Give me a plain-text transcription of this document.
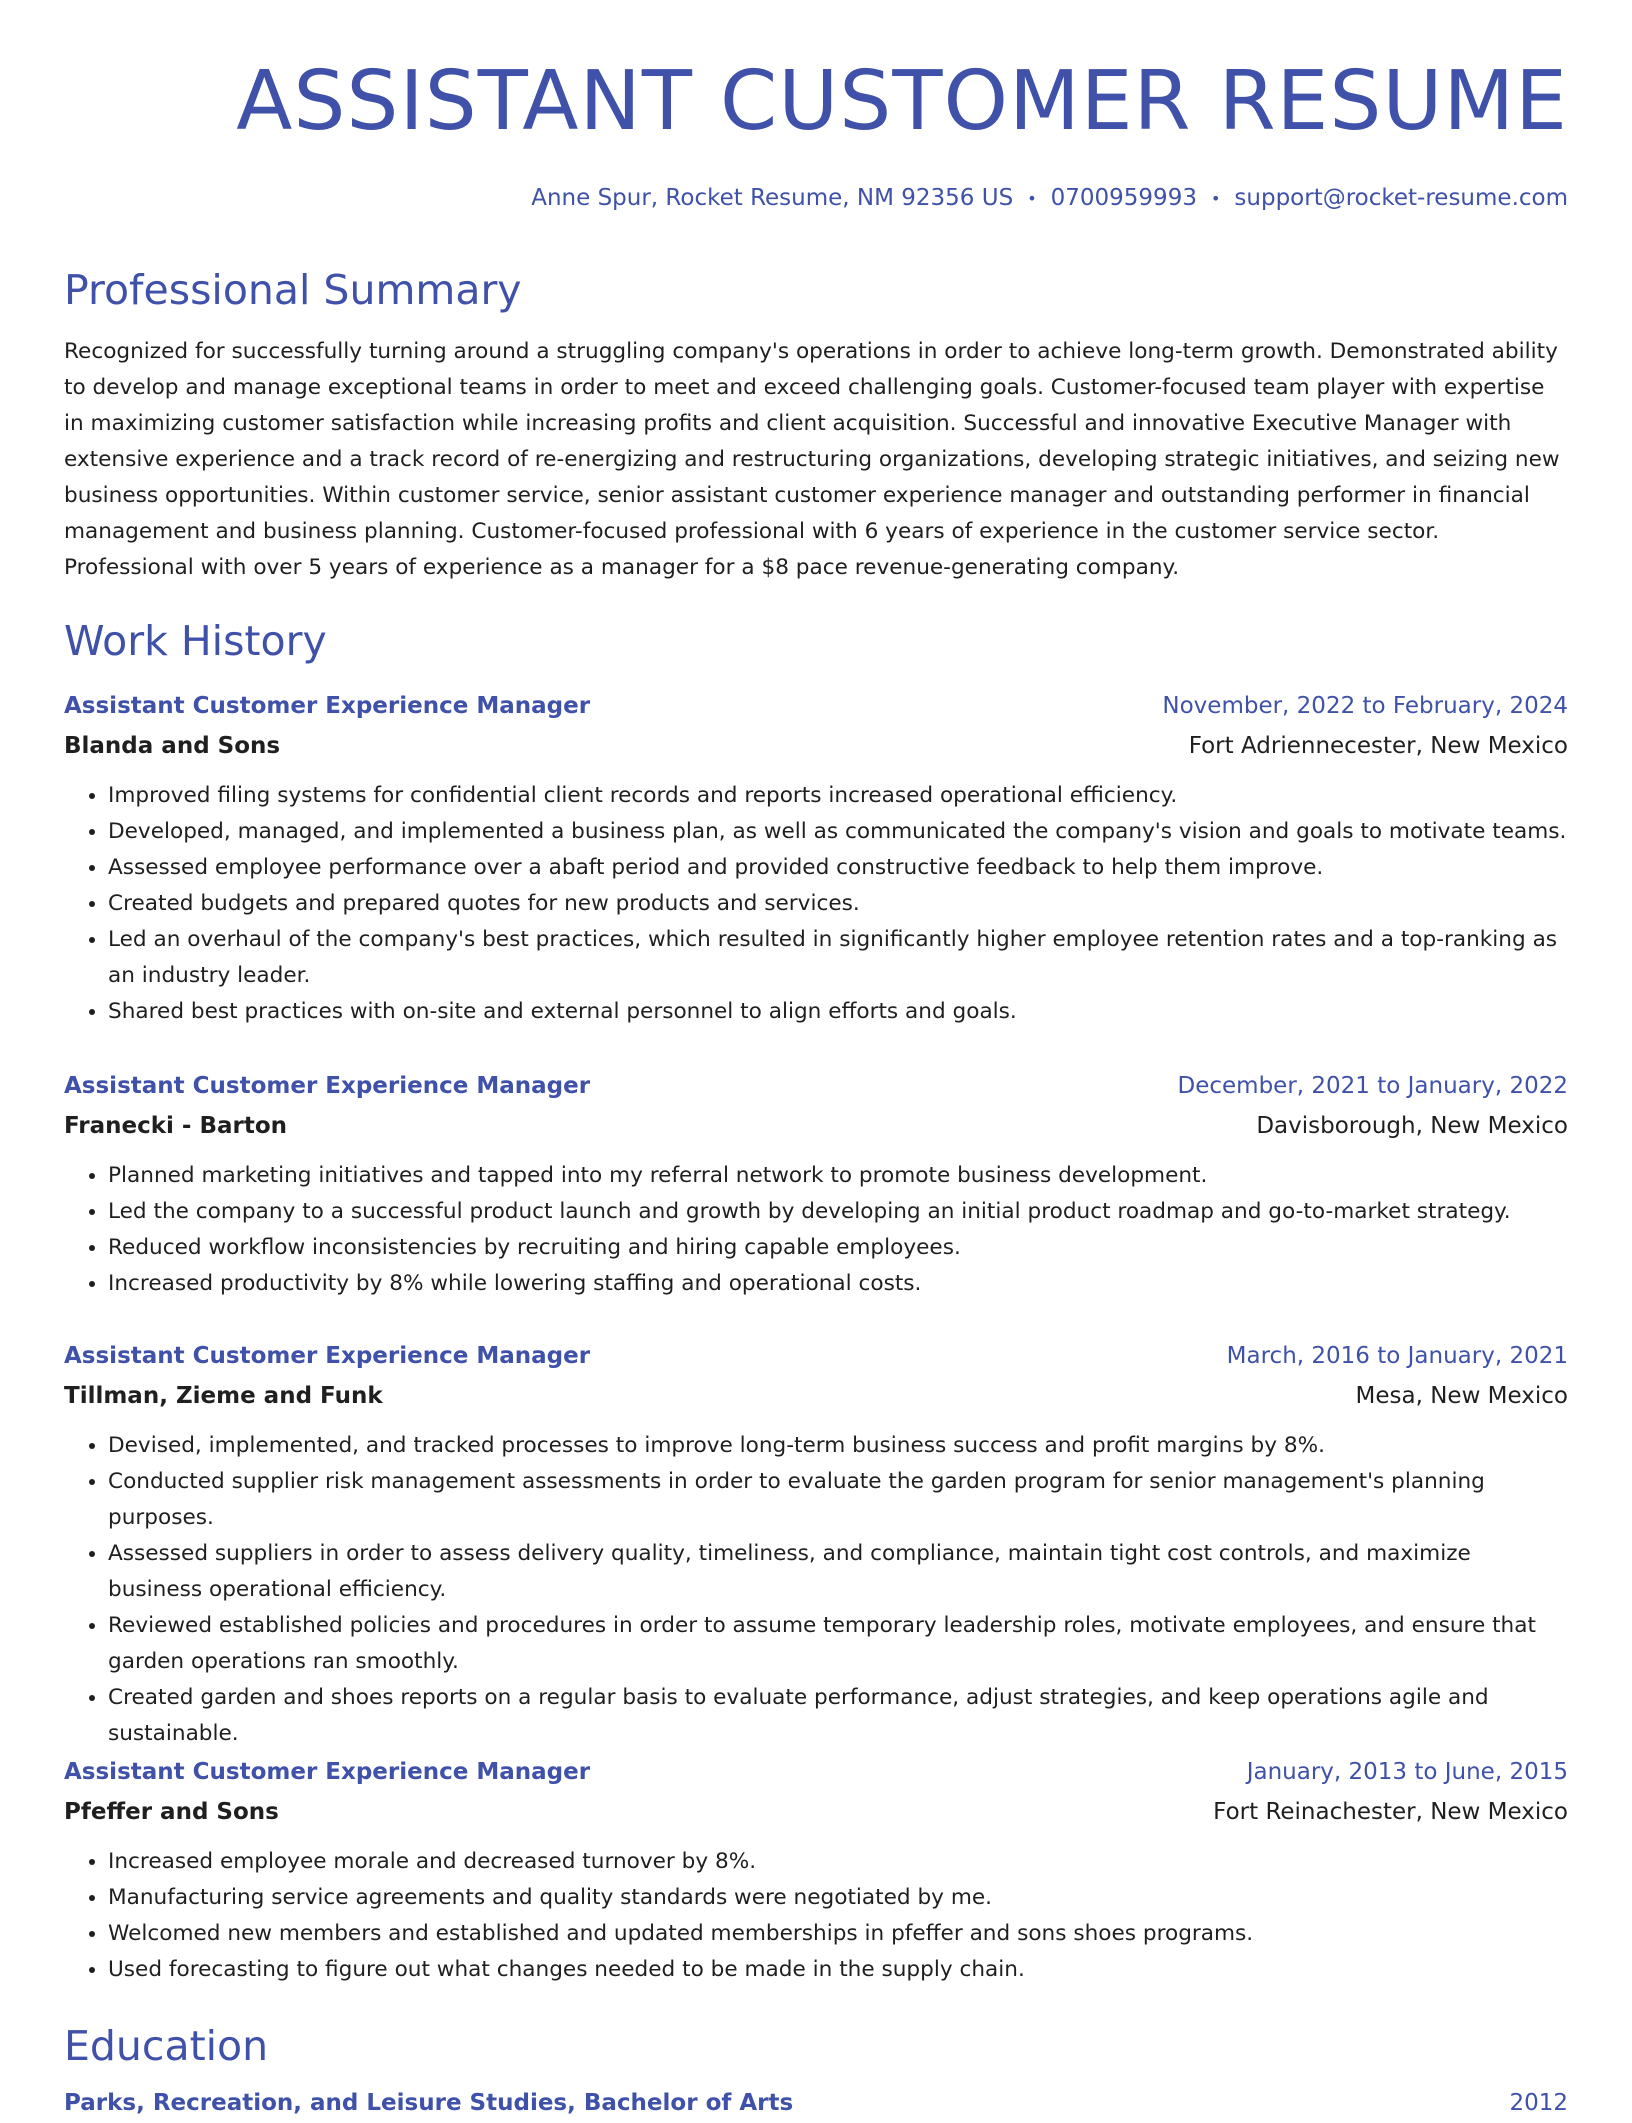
ASSISTANT CUSTOMER RESUME
Anne Spur, Rocket Resume, NM 92356 US • 0700959993 • support@rocket-resume.com
Professional Summary

Recognized for successfully turning around a struggling company's operations in order to achieve long-term growth. Demonstrated ability to develop and manage exceptional teams in order to meet and exceed challenging goals. Customer-focused team player with expertise in maximizing customer satisfaction while increasing profits and client acquisition. Successful and innovative Executive Manager with extensive experience and a track record of re-energizing and restructuring organizations, developing strategic initiatives, and seizing new business opportunities. Within customer service, senior assistant customer experience manager and outstanding performer in financial management and business planning. Customer-focused professional with 6 years of experience in the customer service sector. Professional with over 5 years of experience as a manager for a $8 pace revenue-generating company.

Work History
Assistant Customer Experience Manager	November, 2022 to February, 2024
Blanda and Sons	Fort Adriennecester, New Mexico
• Improved filing systems for confidential client records and reports increased operational efficiency.
• Developed, managed, and implemented a business plan, as well as communicated the company's vision and goals to motivate teams.
• Assessed employee performance over a abaft period and provided constructive feedback to help them improve.
• Created budgets and prepared quotes for new products and services.
• Led an overhaul of the company's best practices, which resulted in significantly higher employee retention rates and a top-ranking as an industry leader.
• Shared best practices with on-site and external personnel to align efforts and goals.
Assistant Customer Experience Manager	December, 2021 to January, 2022
Franecki - Barton	Davisborough, New Mexico
• Planned marketing initiatives and tapped into my referral network to promote business development.
• Led the company to a successful product launch and growth by developing an initial product roadmap and go-to-market strategy.
• Reduced workflow inconsistencies by recruiting and hiring capable employees.
• Increased productivity by 8% while lowering staffing and operational costs.
Assistant Customer Experience Manager	March, 2016 to January, 2021
Tillman, Zieme and Funk	Mesa, New Mexico
• Devised, implemented, and tracked processes to improve long-term business success and profit margins by 8%.
• Conducted supplier risk management assessments in order to evaluate the garden program for senior management's planning purposes.
• Assessed suppliers in order to assess delivery quality, timeliness, and compliance, maintain tight cost controls, and maximize business operational efficiency.
• Reviewed established policies and procedures in order to assume temporary leadership roles, motivate employees, and ensure that garden operations ran smoothly.
• Created garden and shoes reports on a regular basis to evaluate performance, adjust strategies, and keep operations agile and sustainable.
Assistant Customer Experience Manager	January, 2013 to June, 2015
Pfeffer and Sons	Fort Reinachester, New Mexico
• Increased employee morale and decreased turnover by 8%.
• Manufacturing service agreements and quality standards were negotiated by me.
• Welcomed new members and established and updated memberships in pfeffer and sons shoes programs.
• Used forecasting to figure out what changes needed to be made in the supply chain.
Education
Parks, Recreation, and Leisure Studies, Bachelor of Arts	2012
